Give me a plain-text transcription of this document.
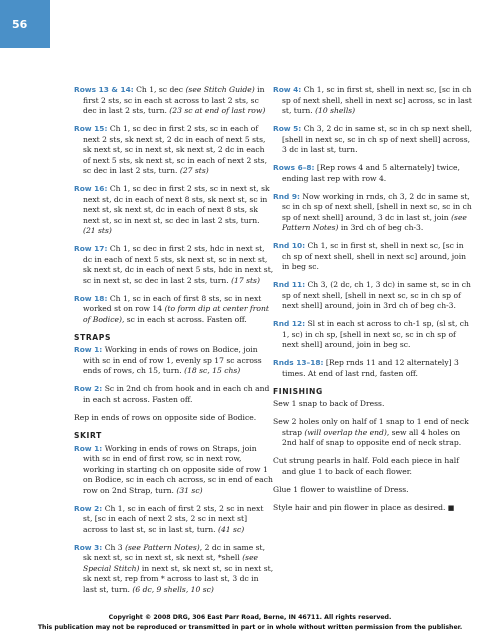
56
Rows 13 & 14: Ch 1, sc dec (see Stitch Guide) in first 2 sts, sc in each st across to last 2 sts, sc dec in last 2 sts, turn. (23 sc at end of last row)
Row 15: Ch 1, sc dec in first 2 sts, sc in each of next 2 sts, sk next st, 2 dc in each of next 5 sts, sk next st, sc in next st, sk next st, 2 dc in each of next 5 sts, sk next st, sc in each of next 2 sts, sc dec in last 2 sts, turn. (27 sts)
Row 16: Ch 1, sc dec in first 2 sts, sc in next st, sk next st, dc in each of next 8 sts, sk next st, sc in next st, sk next st, dc in each of next 8 sts, sk next st, sc in next st, sc dec in last 2 sts, turn. (21 sts)
Row 17: Ch 1, sc dec in first 2 sts, hdc in next st, dc in each of next 5 sts, sk next st, sc in next st, sk next st, dc in each of next 5 sts, hdc in next st, sc in next st, sc dec in last 2 sts, turn. (17 sts)
Row 18: Ch 1, sc in each of first 8 sts, sc in next worked st on row 14 (to form dip at center front of Bodice), sc in each st across. Fasten off.
STRAPS
Row 1: Working in ends of rows on Bodice, join with sc in end of row 1, evenly sp 17 sc across ends of rows, ch 15, turn. (18 sc, 15 chs)
Row 2: Sc in 2nd ch from hook and in each ch and in each st across. Fasten off.
Rep in ends of rows on opposite side of Bodice.
SKIRT
Row 1: Working in ends of rows on Straps, join with sc in end of first row, sc in next row, working in starting ch on opposite side of row 1 on Bodice, sc in each ch across, sc in end of each row on 2nd Strap, turn. (31 sc)
Row 2: Ch 1, sc in each of first 2 sts, 2 sc in next st, [sc in each of next 2 sts, 2 sc in next st] across to last st, sc in last st, turn. (41 sc)
Row 3: Ch 3 (see Pattern Notes), 2 dc in same st, sk next st, sc in next st, sk next st, *shell (see Special Stitch) in next st, sk next st, sc in next st, sk next st, rep from * across to last st, 3 dc in last st, turn. (6 dc, 9 shells, 10 sc)
Row 4: Ch 1, sc in first st, shell in next sc, [sc in ch sp of next shell, shell in next sc] across, sc in last st, turn. (10 shells)
Row 5: Ch 3, 2 dc in same st, sc in ch sp next shell, [shell in next sc, sc in ch sp of next shell] across, 3 dc in last st, turn.
Rows 6–8: [Rep rows 4 and 5 alternately] twice, ending last rep with row 4.
Rnd 9: Now working in rnds, ch 3, 2 dc in same st, sc in ch sp of next shell, [shell in next sc, sc in ch sp of next shell] around, 3 dc in last st, join (see Pattern Notes) in 3rd ch of beg ch-3.
Rnd 10: Ch 1, sc in first st, shell in next sc, [sc in ch sp of next shell, shell in next sc] around, join in beg sc.
Rnd 11: Ch 3, (2 dc, ch 1, 3 dc) in same st, sc in ch sp of next shell, [shell in next sc, sc in ch sp of next shell] around, join in 3rd ch of beg ch-3.
Rnd 12: Sl st in each st across to ch-1 sp, (sl st, ch 1, sc) in ch sp, [shell in next sc, sc in ch sp of next shell] around, join in beg sc.
Rnds 13–18: [Rep rnds 11 and 12 alternately] 3 times. At end of last rnd, fasten off.
FINISHING
Sew 1 snap to back of Dress.
Sew 2 holes only on half of 1 snap to 1 end of neck strap (will overlap the end), sew all 4 holes on 2nd half of snap to opposite end of neck strap.
Cut strung pearls in half. Fold each piece in half and glue 1 to back of each flower.
Glue 1 flower to waistline of Dress.
Style hair and pin flower in place as desired. ■
Copyright © 2008 DRG, 306 East Parr Road, Berne, IN 46711. All rights reserved.
This publication may not be reproduced or transmitted in part or in whole without written permission from the publisher.
